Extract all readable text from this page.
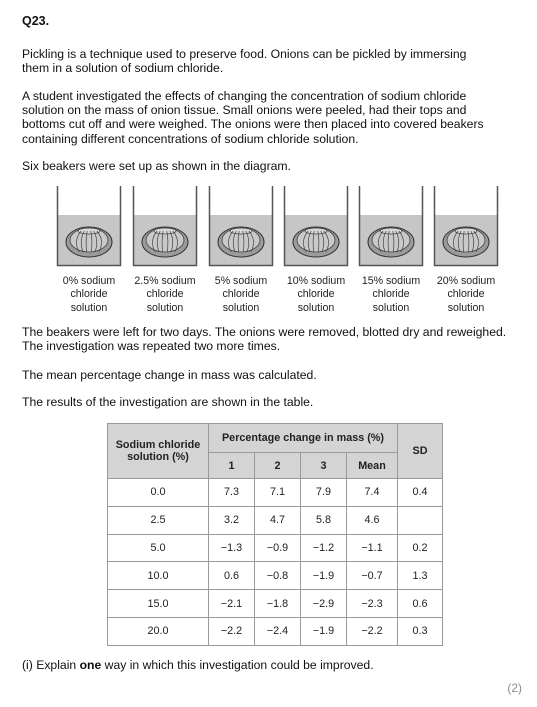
Q23.
Pickling is a technique used to preserve food. Onions can be pickled by immersing
them in a solution of sodium chloride.
A student investigated the effects of changing the concentration of sodium chloride
solution on the mass of onion tissue. Small onions were peeled, had their tops and
bottoms cut off and were weighed. The onions were then placed into covered beakers
containing different concentrations of sodium chloride solution.
Six beakers were set up as shown in the diagram.
0% sodium
chloride
solution
2.5% sodium
chloride
solution
5% sodium
chloride
solution
10% sodium
chloride
solution
15% sodium
chloride
solution
20% sodium
chloride
solution
The beakers were left for two days. The onions were removed, blotted dry and reweighed.
The investigation was repeated two more times.
The mean percentage change in mass was calculated.
The results of the investigation are shown in the table.
Sodium chloride
solution (%)	Percentage change in mass (%)				SD
	1	2	3	Mean	
0.0	7.3	7.1	7.9	7.4	0.4
2.5	3.2	4.7	5.8	4.6	
5.0	−1.3	−0.9	−1.2	−1.1	0.2
10.0	0.6	−0.8	−1.9	−0.7	1.3
15.0	−2.1	−1.8	−2.9	−2.3	0.6
20.0	−2.2	−2.4	−1.9	−2.2	0.3
(i) Explain one way in which this investigation could be improved.
(2)
